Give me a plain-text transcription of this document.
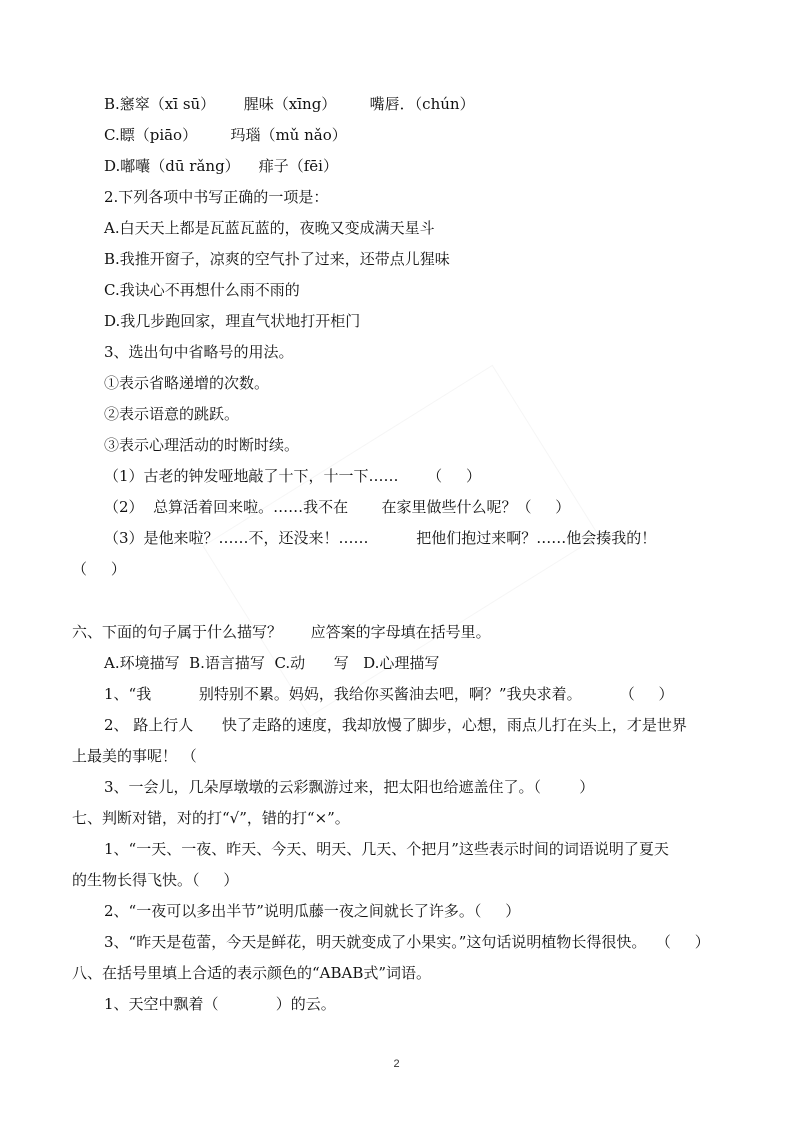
B.窸窣（xī sū）      腥味（xīng）       嘴唇．（chún）
C.瞟（piāo）       玛瑙（mǔ nǎo）
D.嘟囔（dū rǎng）    痱子（fēi）
2.下列各项中书写正确的一项是：
A.白天天上都是瓦蓝瓦蓝的，夜晚又变成满天星斗
B.我推开窗子，凉爽的空气扑了过来，还带点儿猩味
C.我诀心不再想什么雨不雨的
D.我几步跑回家，理直气状地打开柜门
3、选出句中省略号的用法。
①表示省略递增的次数。
②表示语意的跳跃。
③表示心理活动的时断时续。
（1）古老的钟发哑地敲了十下，十一下……      （     ）
（2）  总算活着回来啦。……我不在       在家里做些什么呢？（     ）
（3）是他来啦？……不，还没来！……          把他们抱过来啊？……他会揍我的！
（     ）
六、下面的句子属于什么描写？      应答案的字母填在括号里。
A.环境描写  B.语言描写  C.动      写   D.心理描写
1、“我          别特别不累。妈妈，我给你买酱油去吧，啊？”我央求着。        （     ）
2、 路上行人      快了走路的速度，我却放慢了脚步，心想，雨点儿打在头上，才是世界
上最美的事呢！ （
3、一会儿，几朵厚墩墩的云彩飘游过来，把太阳也给遮盖住了。（        ）
七、判断对错，对的打“√”，错的打“×”。
1、“一天、一夜、昨天、今天、明天、几天、个把月”这些表示时间的词语说明了夏天
的生物长得飞快。（     ）
2、“一夜可以多出半节”说明瓜藤一夜之间就长了许多。（     ）
3、“昨天是苞蕾，今天是鲜花，明天就变成了小果实。”这句话说明植物长得很快。  （     ）
八、在括号里填上合适的表示颜色的“ABAB式”词语。
1、天空中飘着（            ）的云。
2
